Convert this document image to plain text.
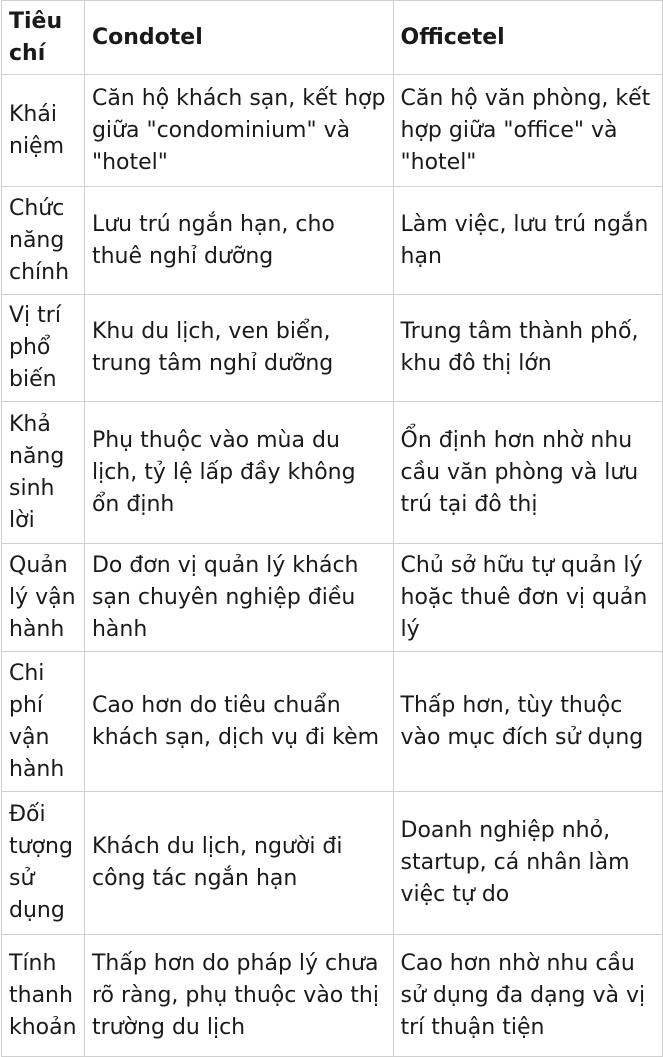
Tiêu chí	Condotel	Officetel
Khái niệm	Căn hộ khách sạn, kết hợp giữa "condominium" và "hotel"	Căn hộ văn phòng, kết hợp giữa "office" và "hotel"
Chức năng chính	Lưu trú ngắn hạn, cho thuê nghỉ dưỡng	Làm việc, lưu trú ngắn hạn
Vị trí phổ biến	Khu du lịch, ven biển, trung tâm nghỉ dưỡng	Trung tâm thành phố, khu đô thị lớn
Khả năng sinh lời	Phụ thuộc vào mùa du lịch, tỷ lệ lấp đầy không ổn định	Ổn định hơn nhờ nhu cầu văn phòng và lưu trú tại đô thị
Quản lý vận hành	Do đơn vị quản lý khách sạn chuyên nghiệp điều hành	Chủ sở hữu tự quản lý hoặc thuê đơn vị quản lý
Chi phí vận hành	Cao hơn do tiêu chuẩn khách sạn, dịch vụ đi kèm	Thấp hơn, tùy thuộc vào mục đích sử dụng
Đối tượng sử dụng	Khách du lịch, người đi công tác ngắn hạn	Doanh nghiệp nhỏ, startup, cá nhân làm việc tự do
Tính thanh khoản	Thấp hơn do pháp lý chưa rõ ràng, phụ thuộc vào thị trường du lịch	Cao hơn nhờ nhu cầu sử dụng đa dạng và vị trí thuận tiện
